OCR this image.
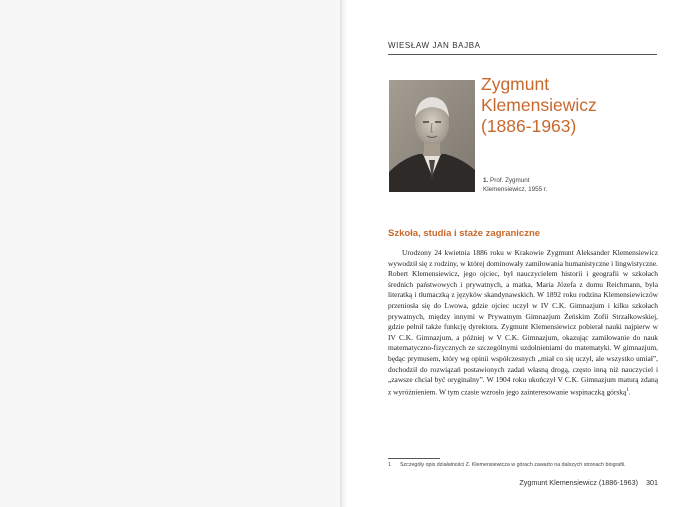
WIESŁAW JAN BAJBA
Zygmunt
Klemensiewicz
(1886-1963)
1. Prof. Zygmunt
Klemensiewicz, 1955 r.
Szkoła, studia i staże zagraniczne

Urodzony 24 kwietnia 1886 roku w Krakowie Zygmunt Aleksander Klemensiewicz wywodził się z rodziny, w której dominowały zamiłowania humanistyczne i lingwistyczne. Robert Klemensiewicz, jego ojciec, był nauczycielem historii i geografii w szkołach średnich państwowych i prywatnych, a matka, Maria Józefa z domu Reichmann, była literatką i tłumaczką z języków skandynawskich. W 1892 roku rodzina Klemensiewiczów przeniosła się do Lwowa, gdzie ojciec uczył w IV C.K. Gimnazjum i kilku szkołach prywatnych, między innymi w Prywatnym Gimnazjum Żeńskim Zofii Strzałkowskiej, gdzie pełnił także funkcję dyrektora. Zygmunt Klemensiewicz pobierał nauki najpierw w IV C.K. Gimnazjum, a później w V C.K. Gimnazjum, okazując zamiłowanie do nauk matematyczno-fizycznych ze szczególnymi uzdolnieniami do matematyki. W gimnazjum, będąc prymusem, który wg opinii współczesnych „miał co się uczył, ale wszystko umiał”, dochodził do rozwiązań postawionych zadań własną drogą, często inną niż nauczyciel i „zawsze chciał być oryginalny”. W 1904 roku ukończył V C.K. Gimnazjum maturą zdaną z wyróżnieniem. W tym czasie wzrosło jego zainteresowanie wspinaczką górską$^1$.

1 Szczegóły opis działalności Z. Klemensiewicza w górach zawarto na dalszych stronach biografii.
Zygmunt Klemensiewicz (1886-1963) 301
